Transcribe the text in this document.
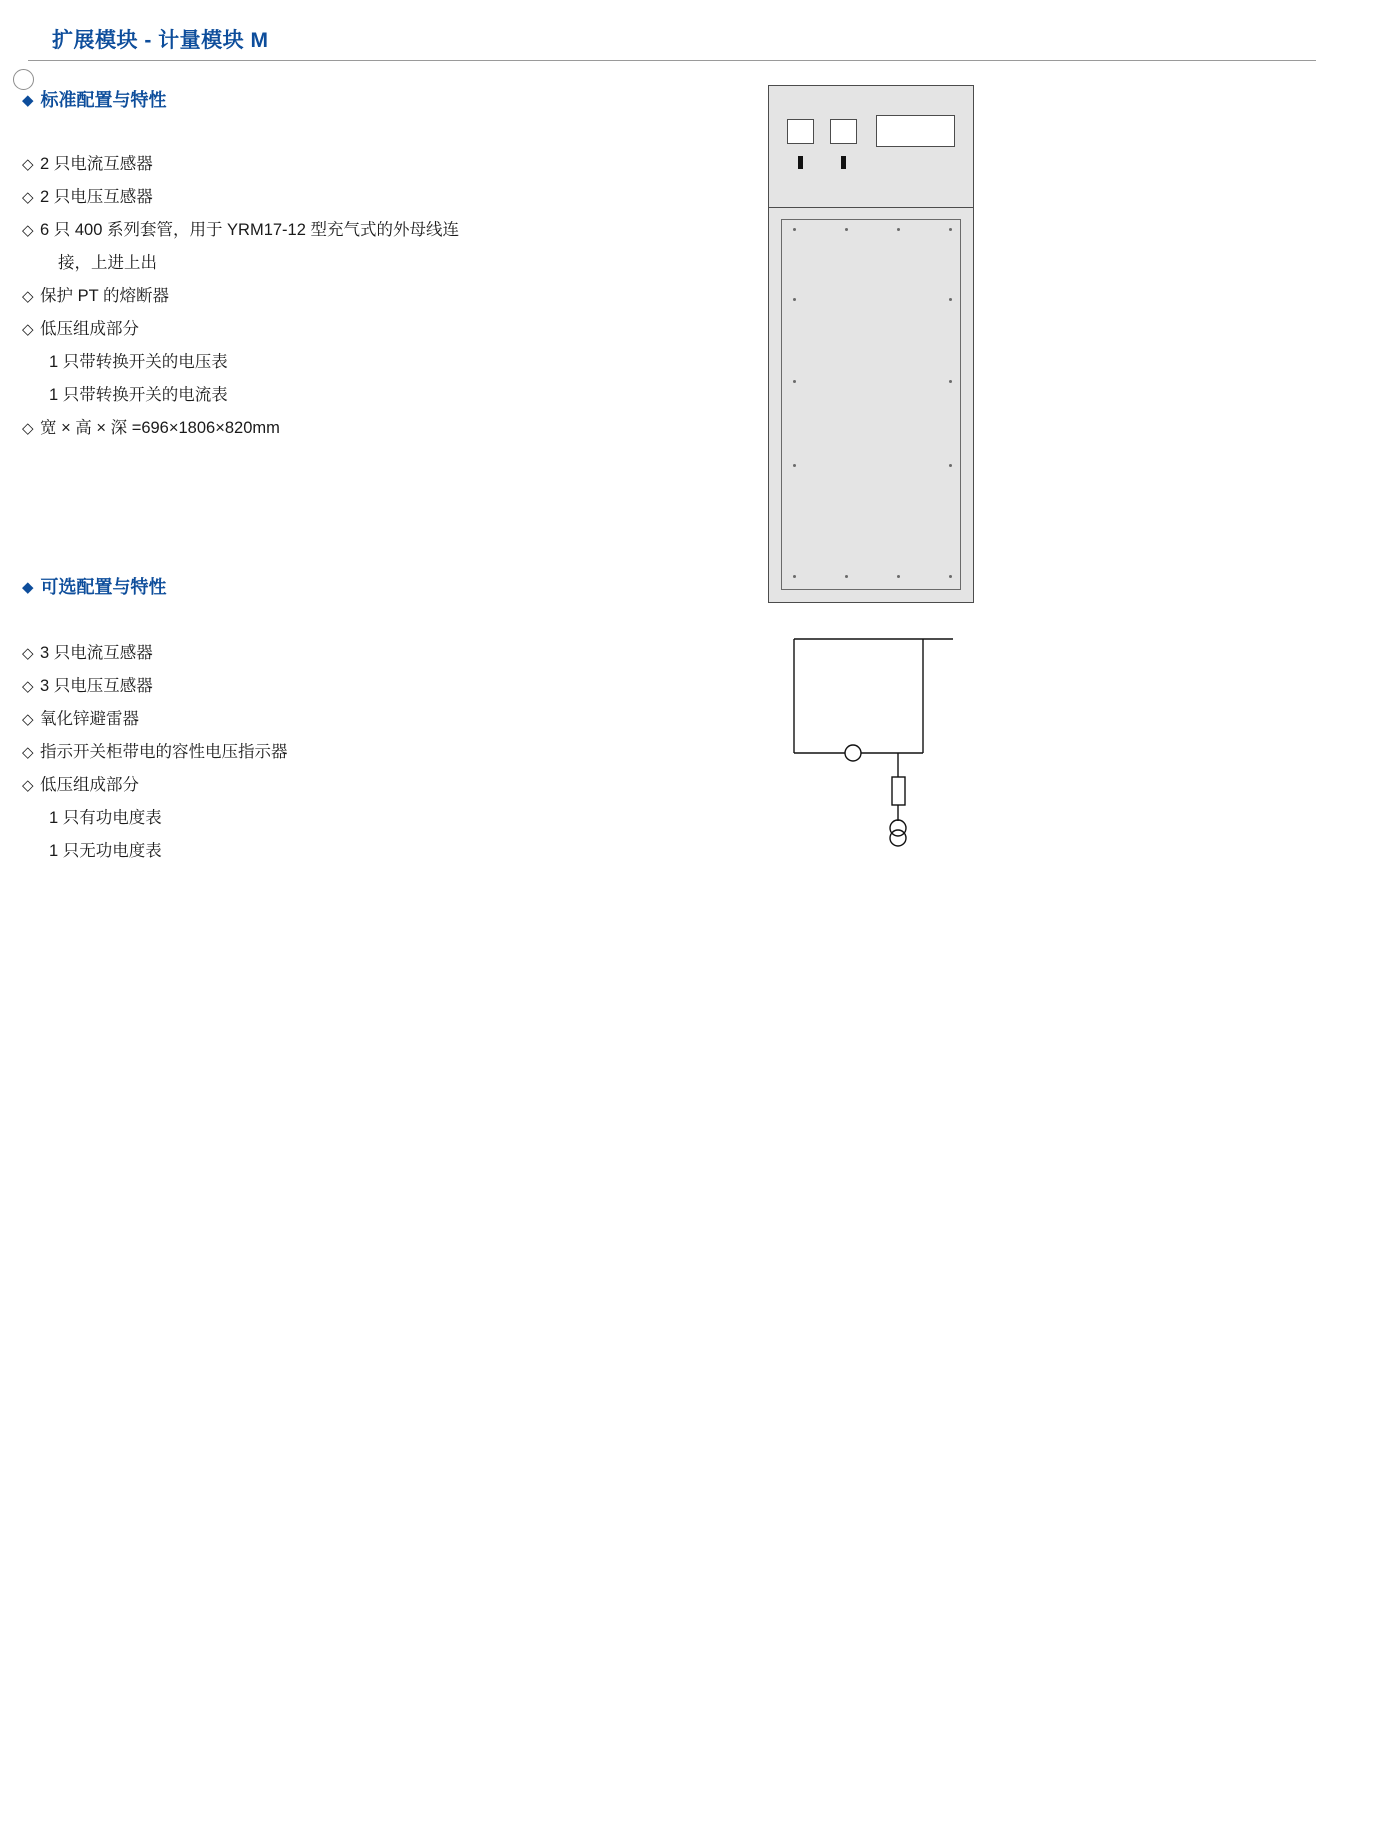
扩展模块 - 计量模块 M
◆ 标准配置与特性
◇ 2 只电流互感器
◇ 2 只电压互感器
◇ 6 只 400 系列套管，用于 YRM17-12 型充气式的外母线连
接，上进上出
◇ 保护 PT 的熔断器
◇ 低压组成部分
1 只带转换开关的电压表
1 只带转换开关的电流表
◇ 宽 × 高 × 深 =696×1806×820mm
◆ 可选配置与特性
◇ 3 只电流互感器
◇ 3 只电压互感器
◇ 氧化锌避雷器
◇ 指示开关柜带电的容性电压指示器
◇ 低压组成部分
1 只有功电度表
1 只无功电度表
